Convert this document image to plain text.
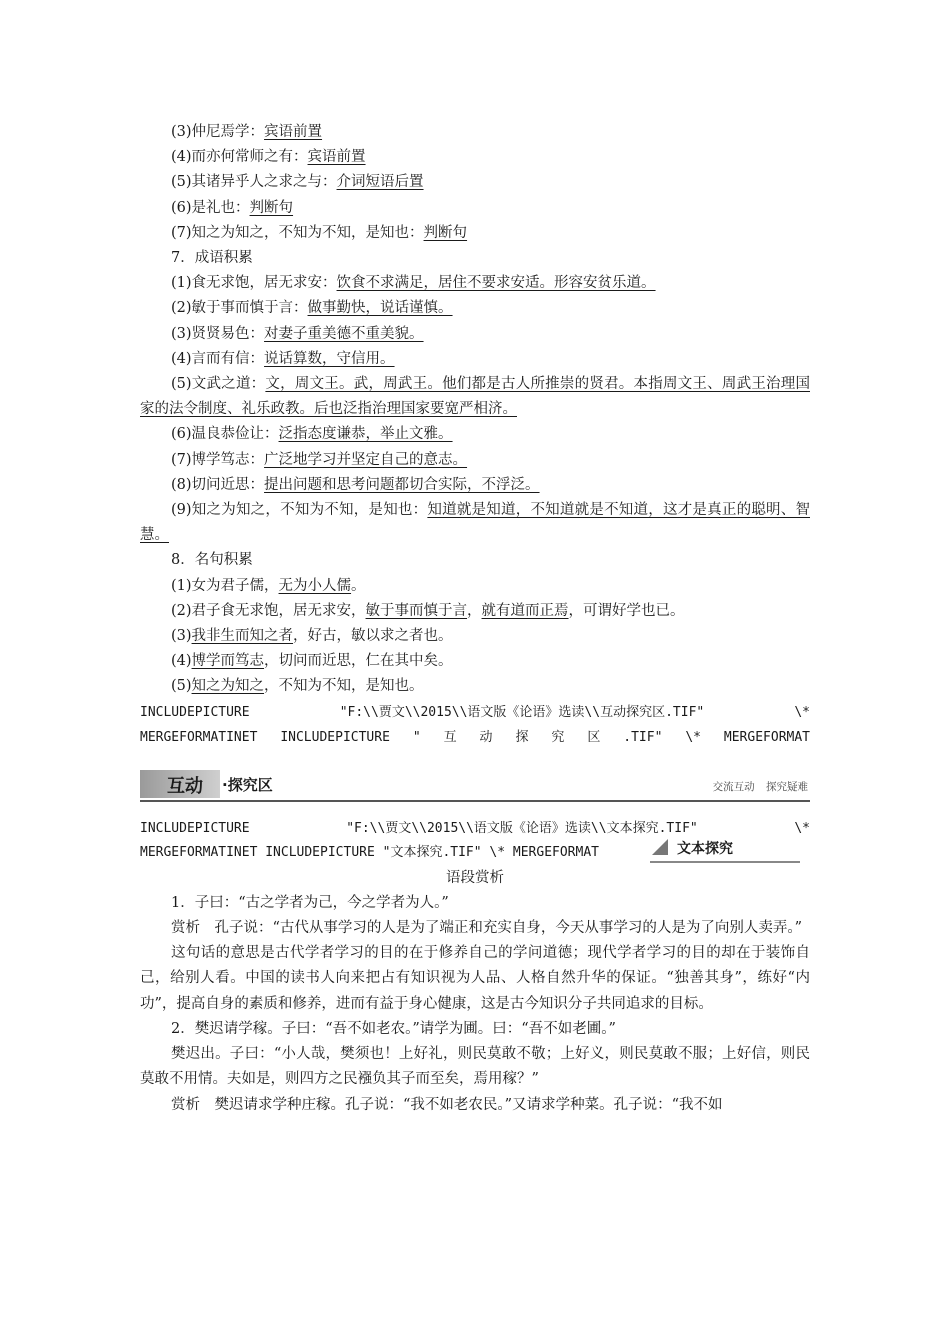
(3)仲尼焉学：宾语前置
(4)而亦何常师之有：宾语前置
(5)其诸异乎人之求之与：介词短语后置
(6)是礼也：判断句
(7)知之为知之，不知为不知，是知也：判断句
7．成语积累
(1)食无求饱，居无求安：饮食不求满足，居住不要求安适。形容安贫乐道。
(2)敏于事而慎于言：做事勤快，说话谨慎。
(3)贤贤易色：对妻子重美德不重美貌。
(4)言而有信：说话算数，守信用。
(5)文武之道：文，周文王。武，周武王。他们都是古人所推崇的贤君。本指周文王、周武王治理国家的法令制度、礼乐政教。后也泛指治理国家要宽严相济。
(6)温良恭俭让：泛指态度谦恭，举止文雅。
(7)博学笃志：广泛地学习并坚定自己的意志。
(8)切问近思：提出问题和思考问题都切合实际，不浮泛。
(9)知之为知之，不知为不知，是知也：知道就是知道，不知道就是不知道，这才是真正的聪明、智慧。
8．名句积累
(1)女为君子儒，无为小人儒。
(2)君子食无求饱，居无求安，敏于事而慎于言，就有道而正焉，可谓好学也已。
(3)我非生而知之者，好古，敏以求之者也。
(4)博学而笃志，切问而近思，仁在其中矣。
(5)知之为知之，不知为不知，是知也。
INCLUDEPICTURE	"F:\\贾文\\2015\\语文版《论语》选读\\互动探究区.TIF"	\*
MERGEFORMATINET INCLUDEPICTURE " 互 动 探 究 区 .TIF" \* MERGEFORMAT
互动 ·探究区	交流互动 探究疑难
INCLUDEPICTURE	"F:\\贾文\\2015\\语文版《论语》选读\\文本探究.TIF"	\*
MERGEFORMATINET INCLUDEPICTURE "文本探究.TIF" \* MERGEFORMAT	文本探究
语段赏析
1．子曰：“古之学者为己，今之学者为人。”
赏析　孔子说：“古代从事学习的人是为了端正和充实自身，今天从事学习的人是为了向别人卖弄。”
这句话的意思是古代学者学习的目的在于修养自己的学问道德；现代学者学习的目的却在于装饰自己，给别人看。中国的读书人向来把占有知识视为人品、人格自然升华的保证。“独善其身”，练好“内功”，提高自身的素质和修养，进而有益于身心健康，这是古今知识分子共同追求的目标。
2．樊迟请学稼。子曰：“吾不如老农。”请学为圃。曰：“吾不如老圃。”
樊迟出。子曰：“小人哉，樊须也！上好礼，则民莫敢不敬；上好义，则民莫敢不服；上好信，则民莫敢不用情。夫如是，则四方之民襁负其子而至矣，焉用稼？”
赏析　樊迟请求学种庄稼。孔子说：“我不如老农民。”又请求学种菜。孔子说：“我不如
